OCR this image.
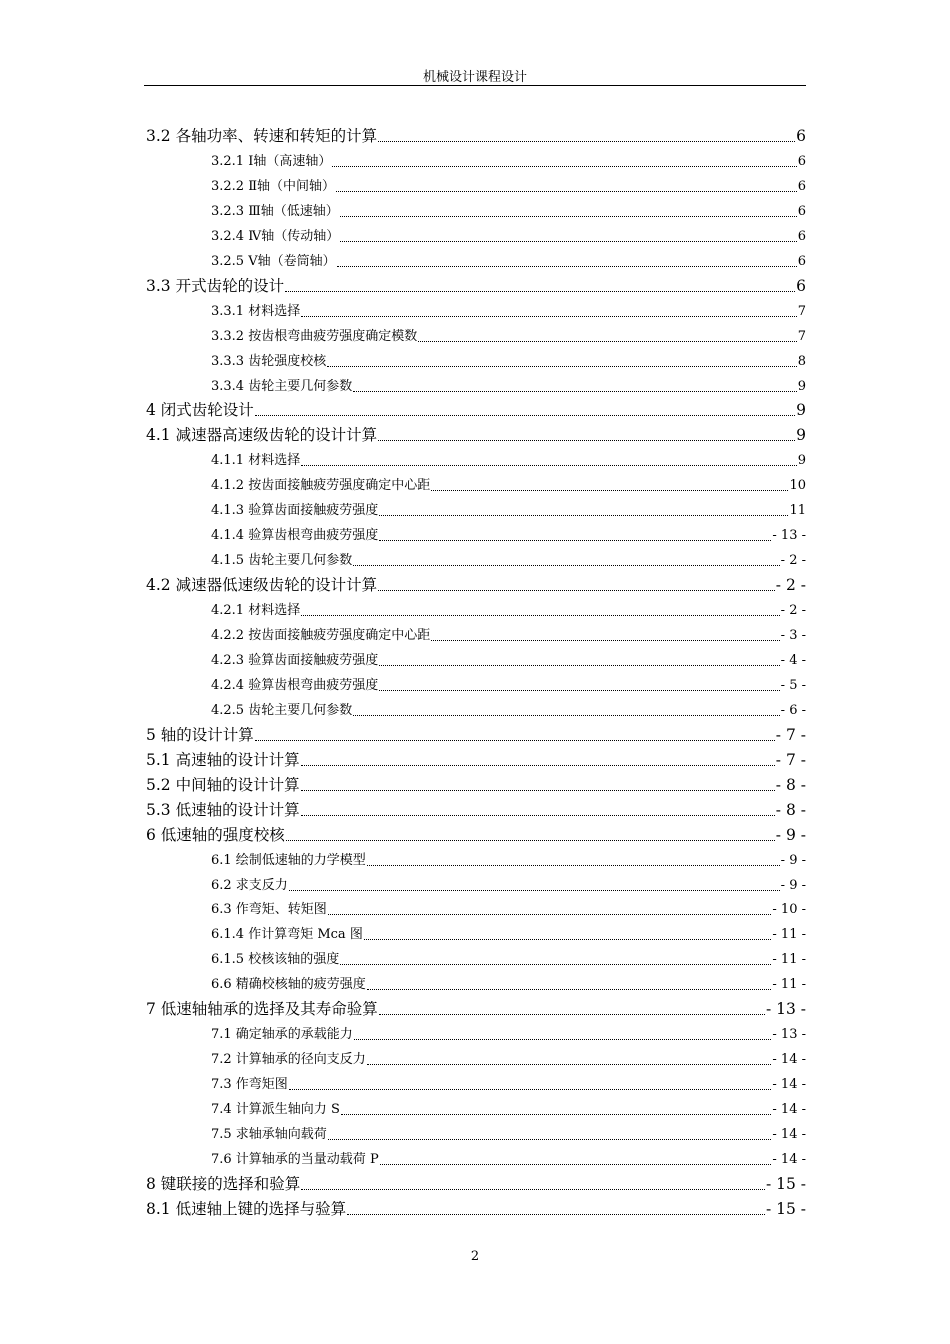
机械设计课程设计
3.2 各轴功率、转速和转矩的计算	6
3.2.1 Ⅰ轴（高速轴）	6
3.2.2 Ⅱ轴（中间轴）	6
3.2.3 Ⅲ轴（低速轴）	6
3.2.4 Ⅳ轴（传动轴）	6
3.2.5 Ⅴ轴（卷筒轴）	6
3.3 开式齿轮的设计	6
3.3.1 材料选择	7
3.3.2 按齿根弯曲疲劳强度确定模数	7
3.3.3 齿轮强度校核	8
3.3.4 齿轮主要几何参数	9
4 闭式齿轮设计	9
4.1 减速器高速级齿轮的设计计算	9
4.1.1 材料选择	9
4.1.2 按齿面接触疲劳强度确定中心距	10
4.1.3 验算齿面接触疲劳强度	11
4.1.4 验算齿根弯曲疲劳强度	- 13 -
4.1.5 齿轮主要几何参数	- 2 -
4.2 减速器低速级齿轮的设计计算	- 2 -
4.2.1 材料选择	- 2 -
4.2.2 按齿面接触疲劳强度确定中心距	- 3 -
4.2.3 验算齿面接触疲劳强度	- 4 -
4.2.4 验算齿根弯曲疲劳强度	- 5 -
4.2.5 齿轮主要几何参数	- 6 -
5 轴的设计计算	- 7 -
5.1 高速轴的设计计算	- 7 -
5.2 中间轴的设计计算	- 8 -
5.3 低速轴的设计计算	- 8 -
6 低速轴的强度校核	- 9 -
6.1 绘制低速轴的力学模型	- 9 -
6.2 求支反力	- 9 -
6.3 作弯矩、转矩图	- 10 -
6.1.4 作计算弯矩 Mca 图	- 11 -
6.1.5 校核该轴的强度	- 11 -
6.6 精确校核轴的疲劳强度	- 11 -
7 低速轴轴承的选择及其寿命验算	- 13 -
7.1 确定轴承的承载能力	- 13 -
7.2 计算轴承的径向支反力	- 14 -
7.3 作弯矩图	- 14 -
7.4 计算派生轴向力 S	- 14 -
7.5 求轴承轴向载荷	- 14 -
7.6 计算轴承的当量动载荷 P	- 14 -
8 键联接的选择和验算	- 15 -
8.1 低速轴上键的选择与验算	- 15 -
2
